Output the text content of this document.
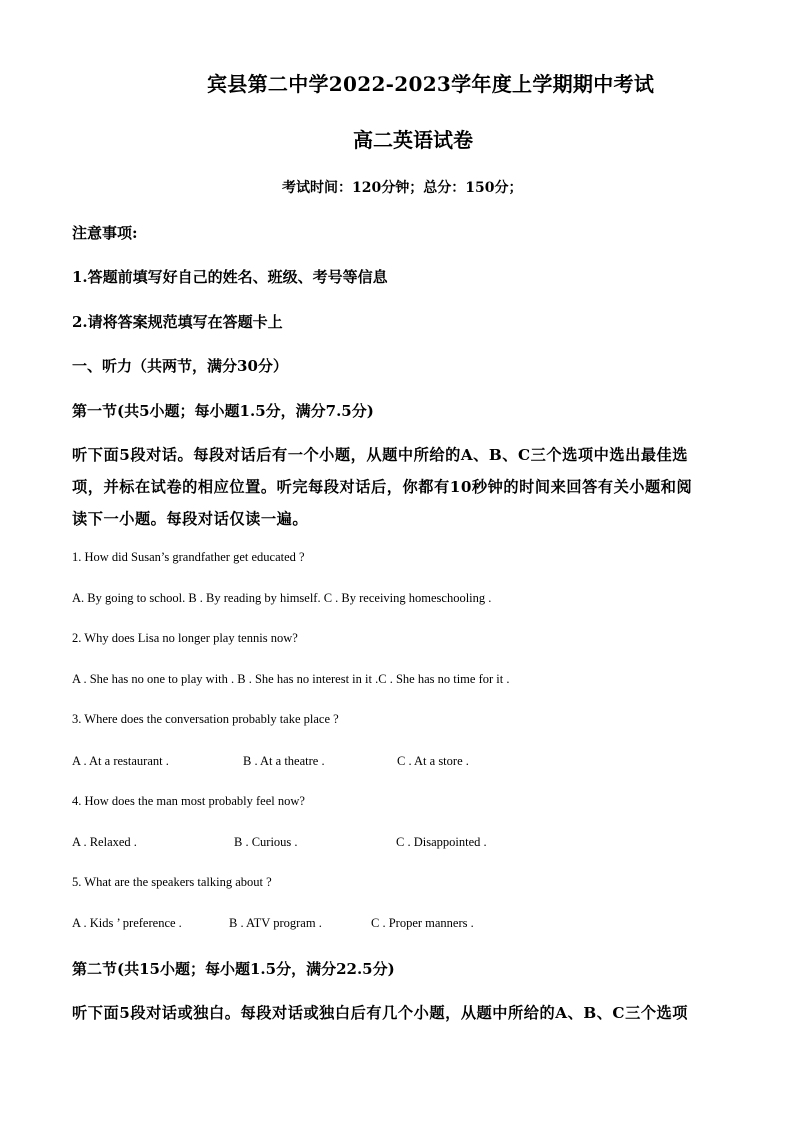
宾县第二中学2022-2023学年度上学期期中考试
高二英语试卷
考试时间：120分钟；总分：150分；
注意事项:
1.答题前填写好自己的姓名、班级、考号等信息
2.请将答案规范填写在答题卡上
一、听力（共两节，满分30分）
第一节(共5小题；每小题1.5分，满分7.5分)
听下面5段对话。每段对话后有一个小题，从题中所给的A、B、C三个选项中选出最佳选
项，并标在试卷的相应位置。听完每段对话后，你都有10秒钟的时间来回答有关小题和阅
读下一小题。每段对话仅读一遍。
1. How did Susan’s grandfather get educated ?
A. By going to school. B . By reading by himself. C . By receiving homeschooling .
2. Why does Lisa no longer play tennis now?
A . She has no one to play with . B . She has no interest in it .C . She has no time for it .
3. Where does the conversation probably take place ?
A . At a restaurant .	B . At a theatre .	C . At a store .
4. How does the man most probably feel now?
A . Relaxed .	B . Curious .	C . Disappointed .
5. What are the speakers talking about ?
A . Kids ’ preference .	B . ATV program .	C . Proper manners .
第二节(共15小题；每小题1.5分，满分22.5分)
听下面5段对话或独白。每段对话或独白后有几个小题，从题中所给的A、B、C三个选项
